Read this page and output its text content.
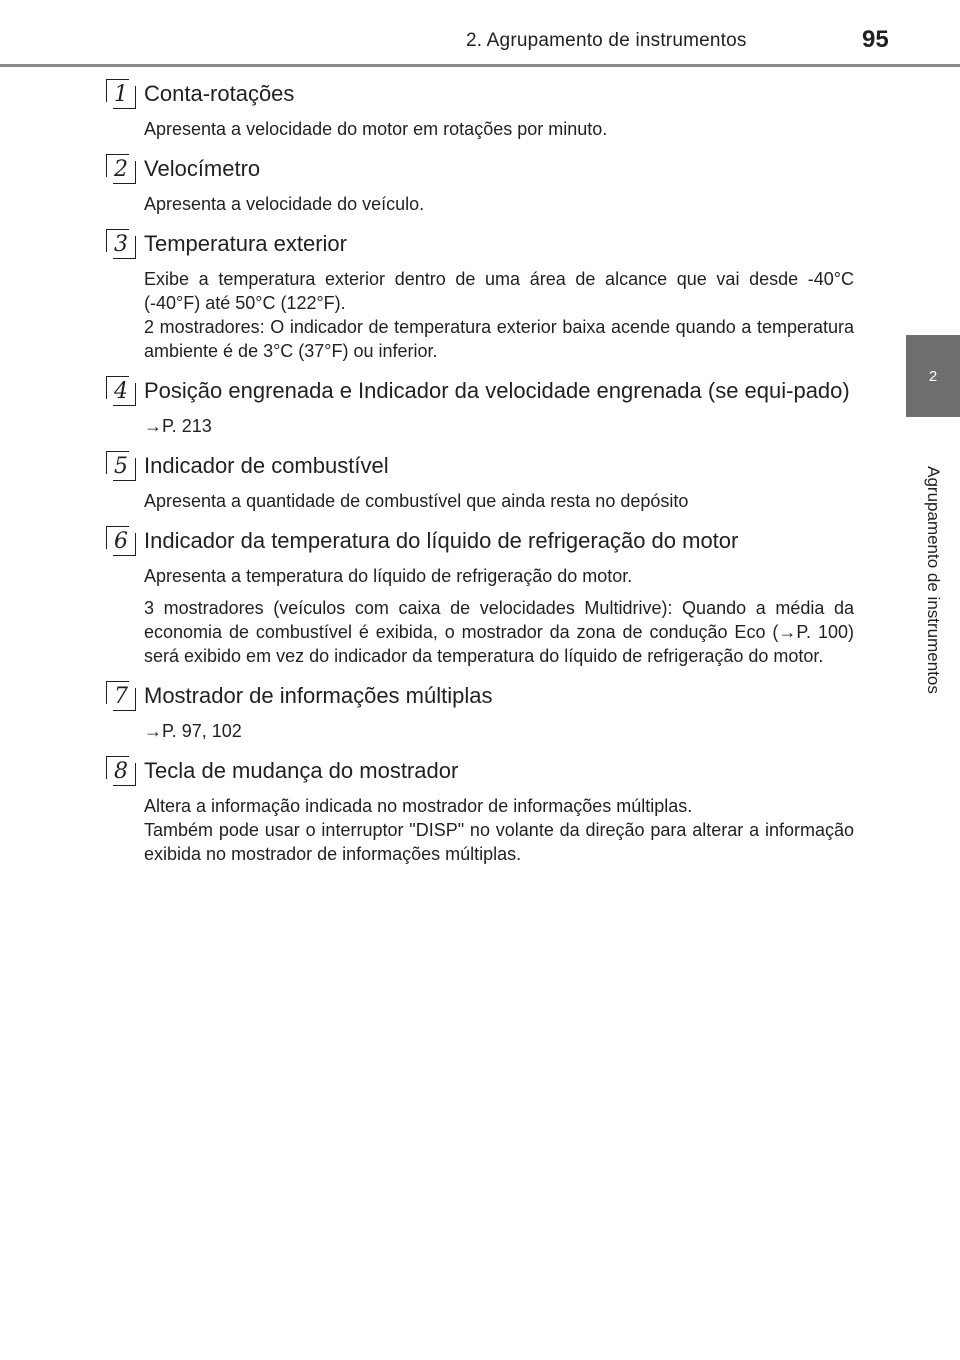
2. Agrupamento de instrumentos	95
2
Agrupamento de instrumentos
1 Conta-rotações

Apresenta a velocidade do motor em rotações por minuto.

2 Velocímetro

Apresenta a velocidade do veículo.

3 Temperatura exterior

Exibe a temperatura exterior dentro de uma área de alcance que vai desde -40°C (-40°F) até 50°C (122°F).

2 mostradores: O indicador de temperatura exterior baixa acende quando a temperatura ambiente é de 3°C (37°F) ou inferior.

4 Posição engrenada e Indicador da velocidade engrenada (se equi-pado)

→P. 213

5 Indicador de combustível

Apresenta a quantidade de combustível que ainda resta no depósito

6 Indicador da temperatura do líquido de refrigeração do motor

Apresenta a temperatura do líquido de refrigeração do motor.

3 mostradores (veículos com caixa de velocidades Multidrive): Quando a média da economia de combustível é exibida, o mostrador da zona de condução Eco (→P. 100) será exibido em vez do indicador da temperatura do líquido de refrigeração do motor.

7 Mostrador de informações múltiplas

→P. 97, 102

8 Tecla de mudança do mostrador

Altera a informação indicada no mostrador de informações múltiplas.

Também pode usar o interruptor "DISP" no volante da direção para alterar a informação exibida no mostrador de informações múltiplas.
